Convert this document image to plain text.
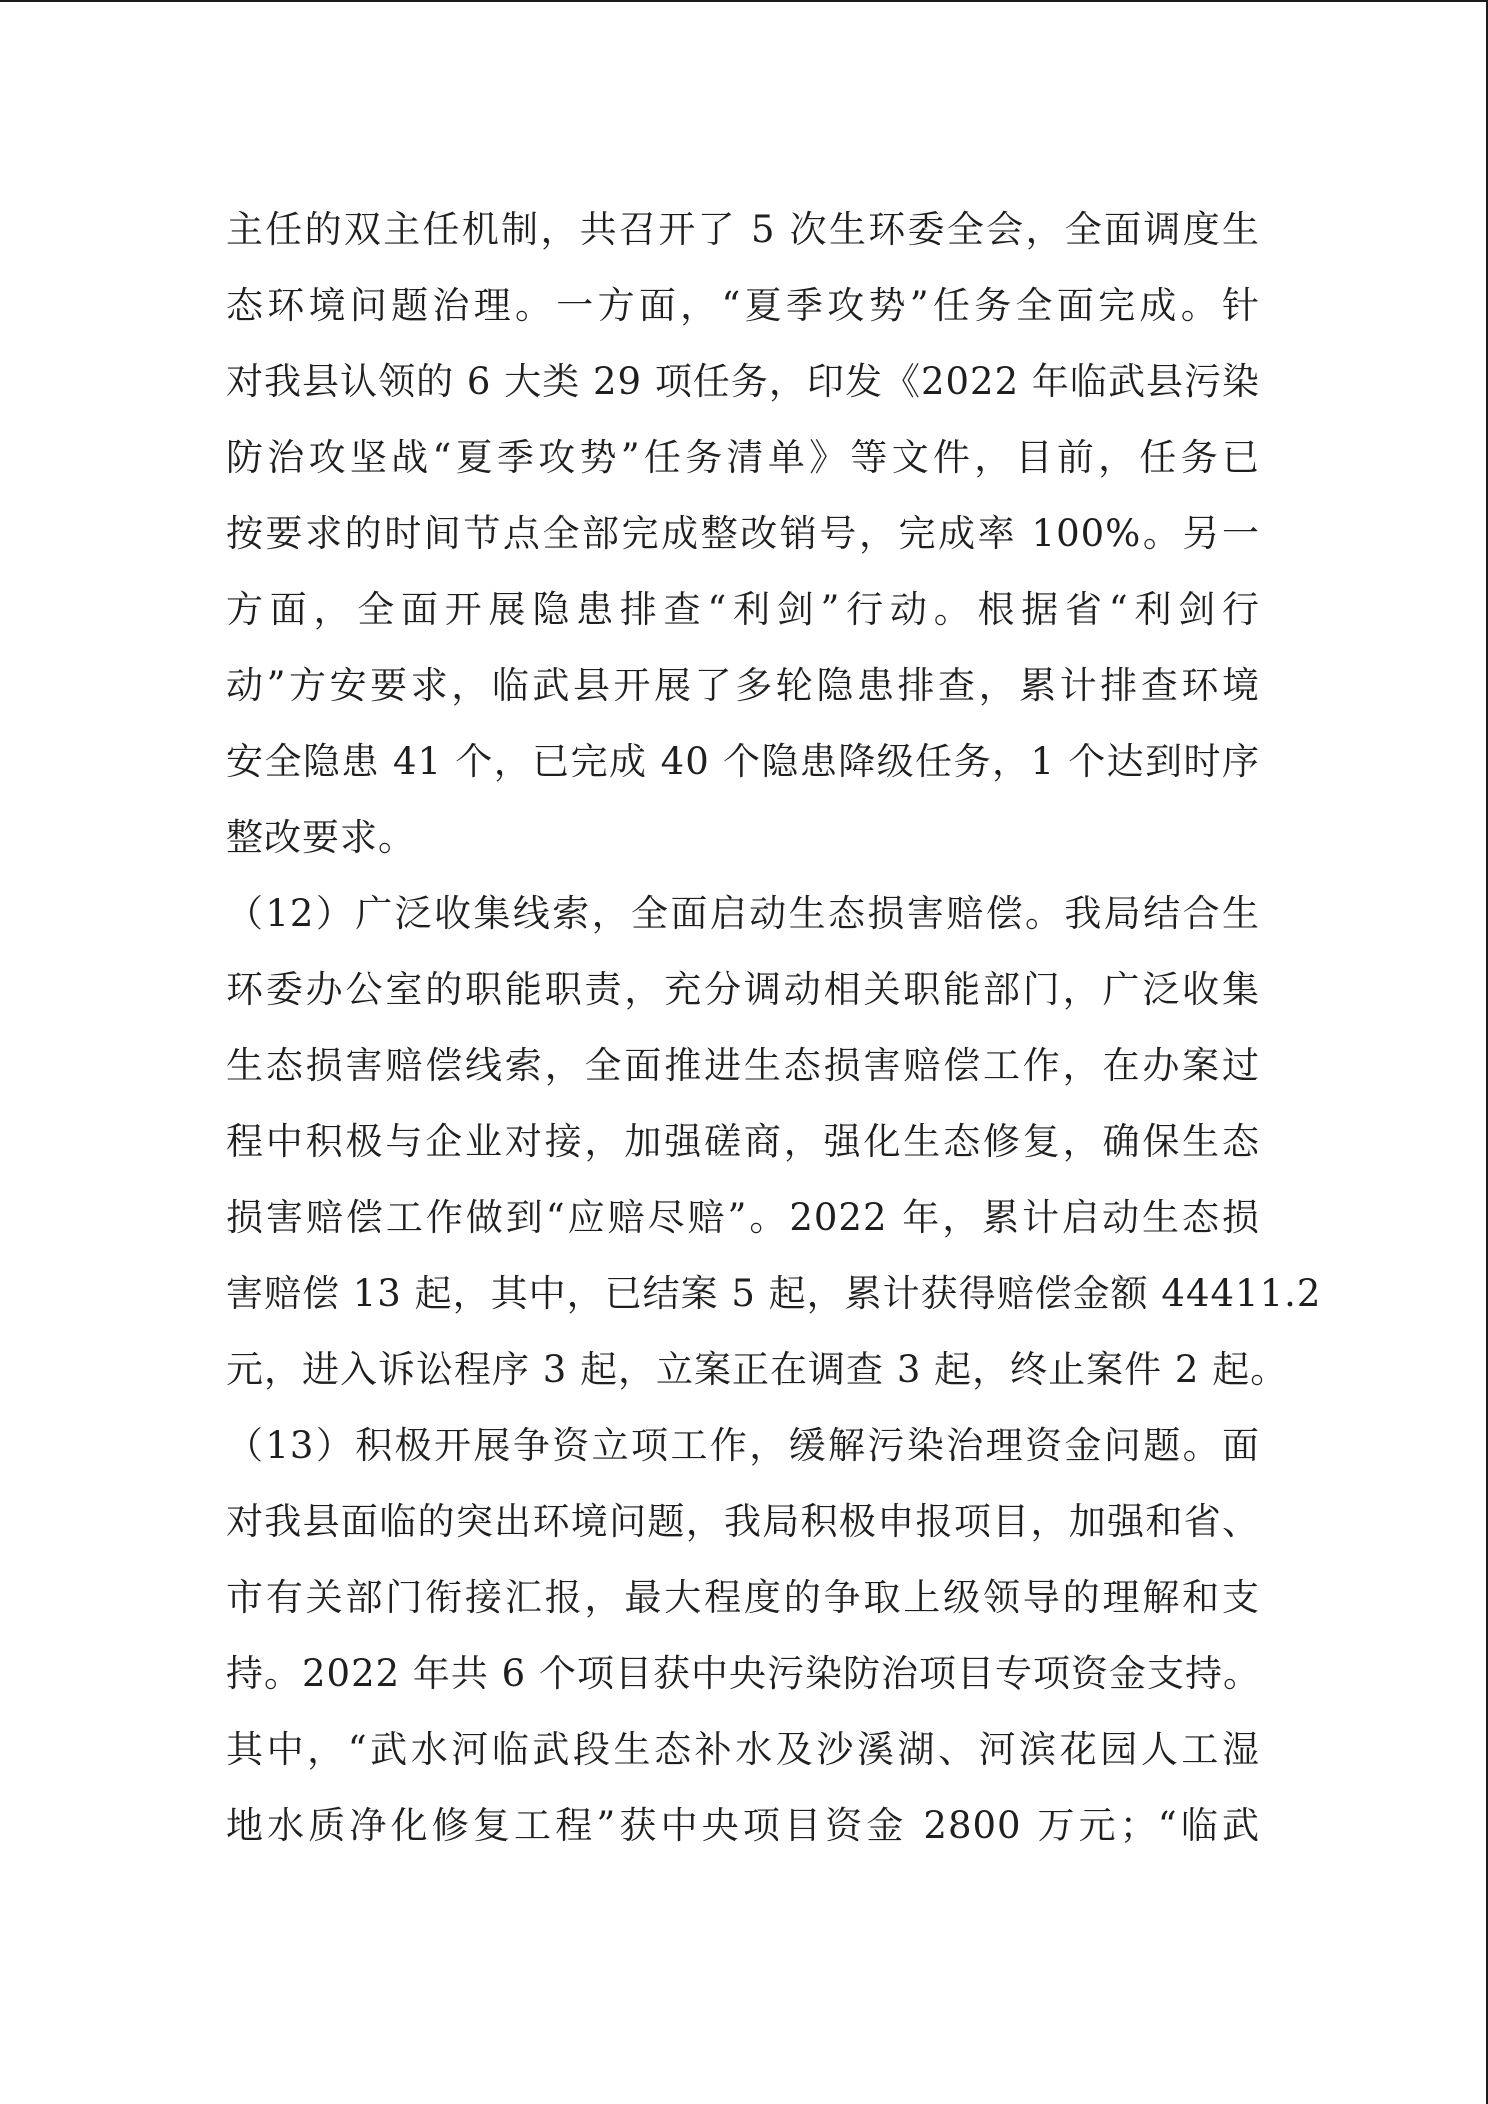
主任的双主任机制，共召开了 5 次生环委全会，全面调度生
态环境问题治理。一方面，“夏季攻势”任务全面完成。针
对我县认领的 6 大类 29 项任务，印发《2022 年临武县污染
防治攻坚战“夏季攻势”任务清单》等文件，目前，任务已
按要求的时间节点全部完成整改销号，完成率 100%。另一
方面，全面开展隐患排查“利剑”行动。根据省“利剑行
动”方安要求，临武县开展了多轮隐患排查，累计排查环境
安全隐患 41 个，已完成 40 个隐患降级任务，1 个达到时序
整改要求。
（12）广泛收集线索，全面启动生态损害赔偿。我局结合生
环委办公室的职能职责，充分调动相关职能部门，广泛收集
生态损害赔偿线索，全面推进生态损害赔偿工作，在办案过
程中积极与企业对接，加强磋商，强化生态修复，确保生态
损害赔偿工作做到“应赔尽赔”。2022 年，累计启动生态损
害赔偿 13 起，其中，已结案 5 起，累计获得赔偿金额 44411.2
元，进入诉讼程序 3 起，立案正在调查 3 起，终止案件 2 起。
（13）积极开展争资立项工作，缓解污染治理资金问题。面
对我县面临的突出环境问题，我局积极申报项目，加强和省、
市有关部门衔接汇报，最大程度的争取上级领导的理解和支
持。2022 年共 6 个项目获中央污染防治项目专项资金支持。
其中，“武水河临武段生态补水及沙溪湖、河滨花园人工湿
地水质净化修复工程”获中央项目资金 2800 万元；“临武
